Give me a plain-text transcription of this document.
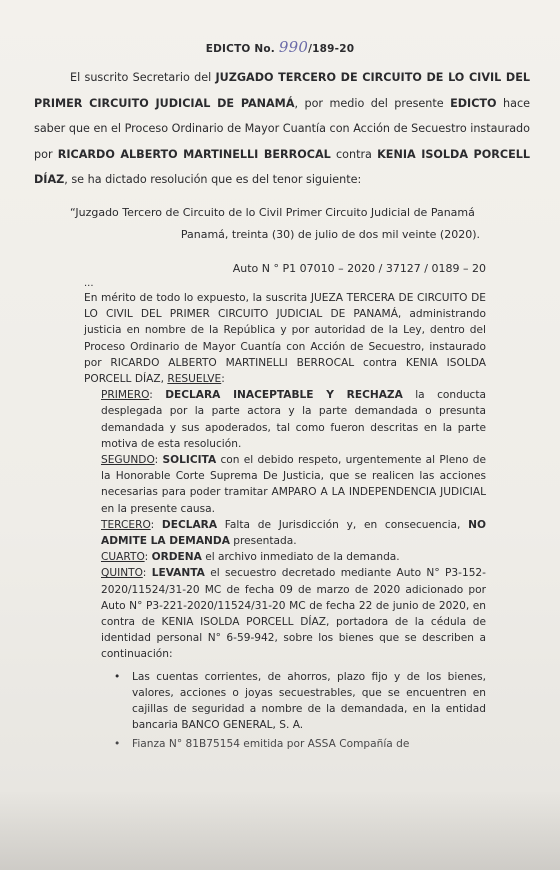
EDICTO No. 990/189-20
El suscrito Secretario del JUZGADO TERCERO DE CIRCUITO DE LO CIVIL DEL PRIMER CIRCUITO JUDICIAL DE PANAMÁ, por medio del presente EDICTO hace saber que en el Proceso Ordinario de Mayor Cuantía con Acción de Secuestro instaurado por RICARDO ALBERTO MARTINELLI BERROCAL contra KENIA ISOLDA PORCELL DÍAZ, se ha dictado resolución que es del tenor siguiente:
“Juzgado Tercero de Circuito de lo Civil Primer Circuito Judicial de Panamá
Panamá, treinta (30) de julio de dos mil veinte (2020).
Auto N ° P1 07010 – 2020 / 37127 / 0189 – 20
...

En mérito de todo lo expuesto, la suscrita JUEZA TERCERA DE CIRCUITO DE LO CIVIL DEL PRIMER CIRCUITO JUDICIAL DE PANAMÁ, administrando justicia en nombre de la República y por autoridad de la Ley, dentro del Proceso Ordinario de Mayor Cuantía con Acción de Secuestro, instaurado por RICARDO ALBERTO MARTINELLI BERROCAL contra KENIA ISOLDA PORCELL DÍAZ, RESUELVE:

PRIMERO: DECLARA INACEPTABLE Y RECHAZA la conducta desplegada por la parte actora y la parte demandada o presunta demandada y sus apoderados, tal como fueron descritas en la parte motiva de esta resolución.

SEGUNDO: SOLICITA con el debido respeto, urgentemente al Pleno de la Honorable Corte Suprema De Justicia, que se realicen las acciones necesarias para poder tramitar AMPARO A LA INDEPENDENCIA JUDICIAL en la presente causa.

TERCERO: DECLARA Falta de Jurisdicción y, en consecuencia, NO ADMITE LA DEMANDA presentada.

CUARTO: ORDENA el archivo inmediato de la demanda.

QUINTO: LEVANTA el secuestro decretado mediante Auto N° P3-152-2020/11524/31-20 MC de fecha 09 de marzo de 2020 adicionado por Auto N° P3-221-2020/11524/31-20 MC de fecha 22 de junio de 2020, en contra de KENIA ISOLDA PORCELL DÍAZ, portadora de la cédula de identidad personal N° 6-59-942, sobre los bienes que se describen a continuación:

• Las cuentas corrientes, de ahorros, plazo fijo y de los bienes, valores, acciones o joyas secuestrables, que se encuentren en cajillas de seguridad a nombre de la demandada, en la entidad bancaria BANCO GENERAL, S. A.
• Fianza N° 81B75154 emitida por ASSA Compañía de
